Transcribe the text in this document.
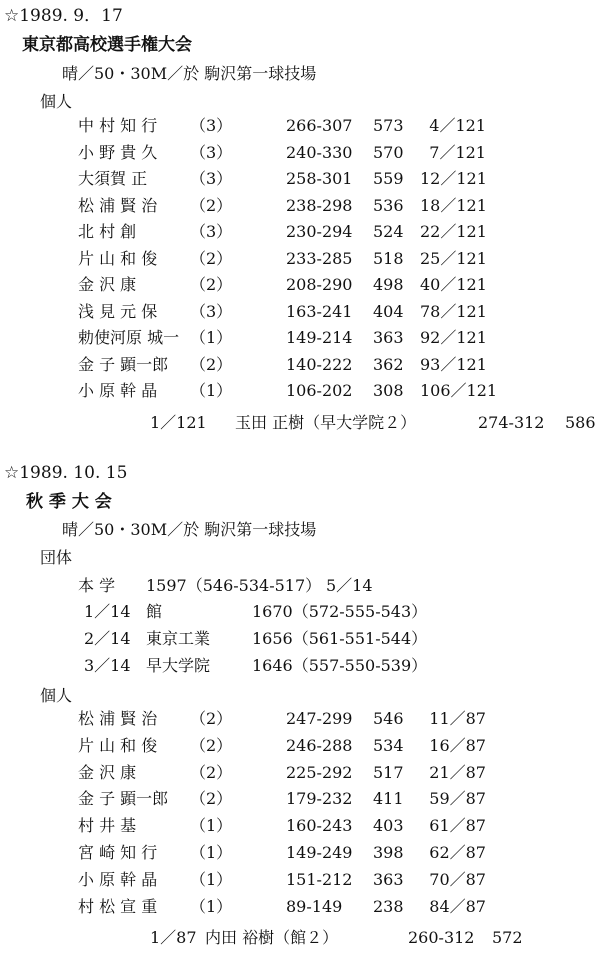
☆1989. 9．17
東京都高校選手権大会
晴／50・30M／於 駒沢第一球技場
個人
中 村 知 行 （3）	266-307 573	4／121
小 野 貴 久 （3）	240-330 570	7／121
大須賀 正	（3）	258-301 559 12／121
松 浦 賢 治 （2）	238-298 536 18／121
北 村 創	（3）	230-294 524 22／121
片 山 和 俊 （2）	233-285 518 25／121
金 沢 康	（2）	208-290 498 40／121
浅 見 元 保 （3）	163-241 404 78／121
勅使河原 城一 （1）	149-214 363 92／121
金 子 顕一郎 （2）	140-222 362 93／121
小 原 幹 晶 （1）	106-202 308 106／121
1／121 玉田 正樹（早大学院２）	274-312 586
☆1989. 10. 15
秋 季 大 会
晴／50・30M／於 駒沢第一球技場
団体
本 学 1597（546-534-517） 5／14
1／14 館	1670（572-555-543）
2／14 東京工業	1656（561-551-544）
3／14 早大学院	1646（557-550-539）
個人
松 浦 賢 治 （2）	247-299 546	11／87
片 山 和 俊 （2）	246-288 534	16／87
金 沢 康	（2）	225-292 517	21／87
金 子 顕一郎 （2）	179-232 411	59／87
村 井 基	（1）	160-243 403	61／87
宮 崎 知 行 （1）	149-249 398	62／87
小 原 幹 晶 （1）	151-212 363	70／87
村 松 宣 重 （1）	89-149 238	84／87
1／87 内田 裕樹（館２）	260-312 572
